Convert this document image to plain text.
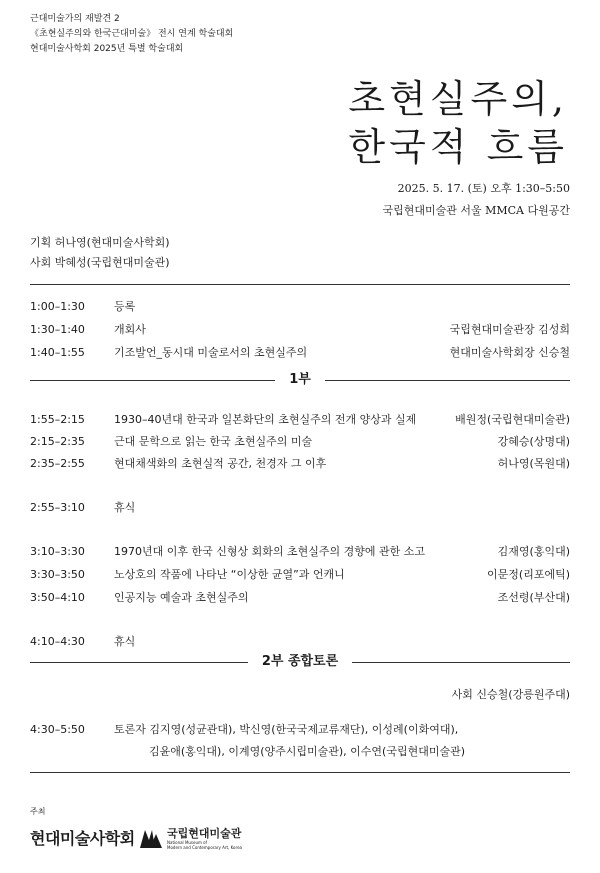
근대미술가의 재발견 2
《초현실주의와 한국근대미술》 전시 연계 학술대회
현대미술사학회 2025년 특별 학술대회
초현실주의,
한국적 흐름
2025. 5. 17. (토) 오후 1:30–5:50
국립현대미술관 서울 MMCA 다원공간
기획 허나영(현대미술사학회)
사회 박혜성(국립현대미술관)
1:00–1:30	등록
1:30–1:40	개회사	국립현대미술관장 김성희
1:40–1:55	기조발언_동시대 미술로서의 초현실주의	현대미술사학회장 신승철
1부
1:55–2:15	1930–40년대 한국과 일본화단의 초현실주의 전개 양상과 실제	배원정(국립현대미술관)
2:15–2:35	근대 문학으로 읽는 한국 초현실주의 미술	강혜승(상명대)
2:35–2:55	현대채색화의 초현실적 공간, 천경자 그 이후	허나영(목원대)
2:55–3:10	휴식
3:10–3:30	1970년대 이후 한국 신형상 회화의 초현실주의 경향에 관한 소고	김재영(홍익대)
3:30–3:50	노상호의 작품에 나타난 “이상한 균열”과 언캐니	이문정(리포에틱)
3:50–4:10	인공지능 예술과 초현실주의	조선령(부산대)
4:10–4:30	휴식
2부 종합토론
사회 신승철(강릉원주대)
4:30–5:50	토론자 김지영(성균관대), 박신영(한국국제교류재단), 이성례(이화여대),
김윤애(홍익대), 이계영(양주시립미술관), 이수연(국립현대미술관)
주최
현대미술사학회	국립현대미술관
National Museum of
Modern and Contemporary Art, Korea
